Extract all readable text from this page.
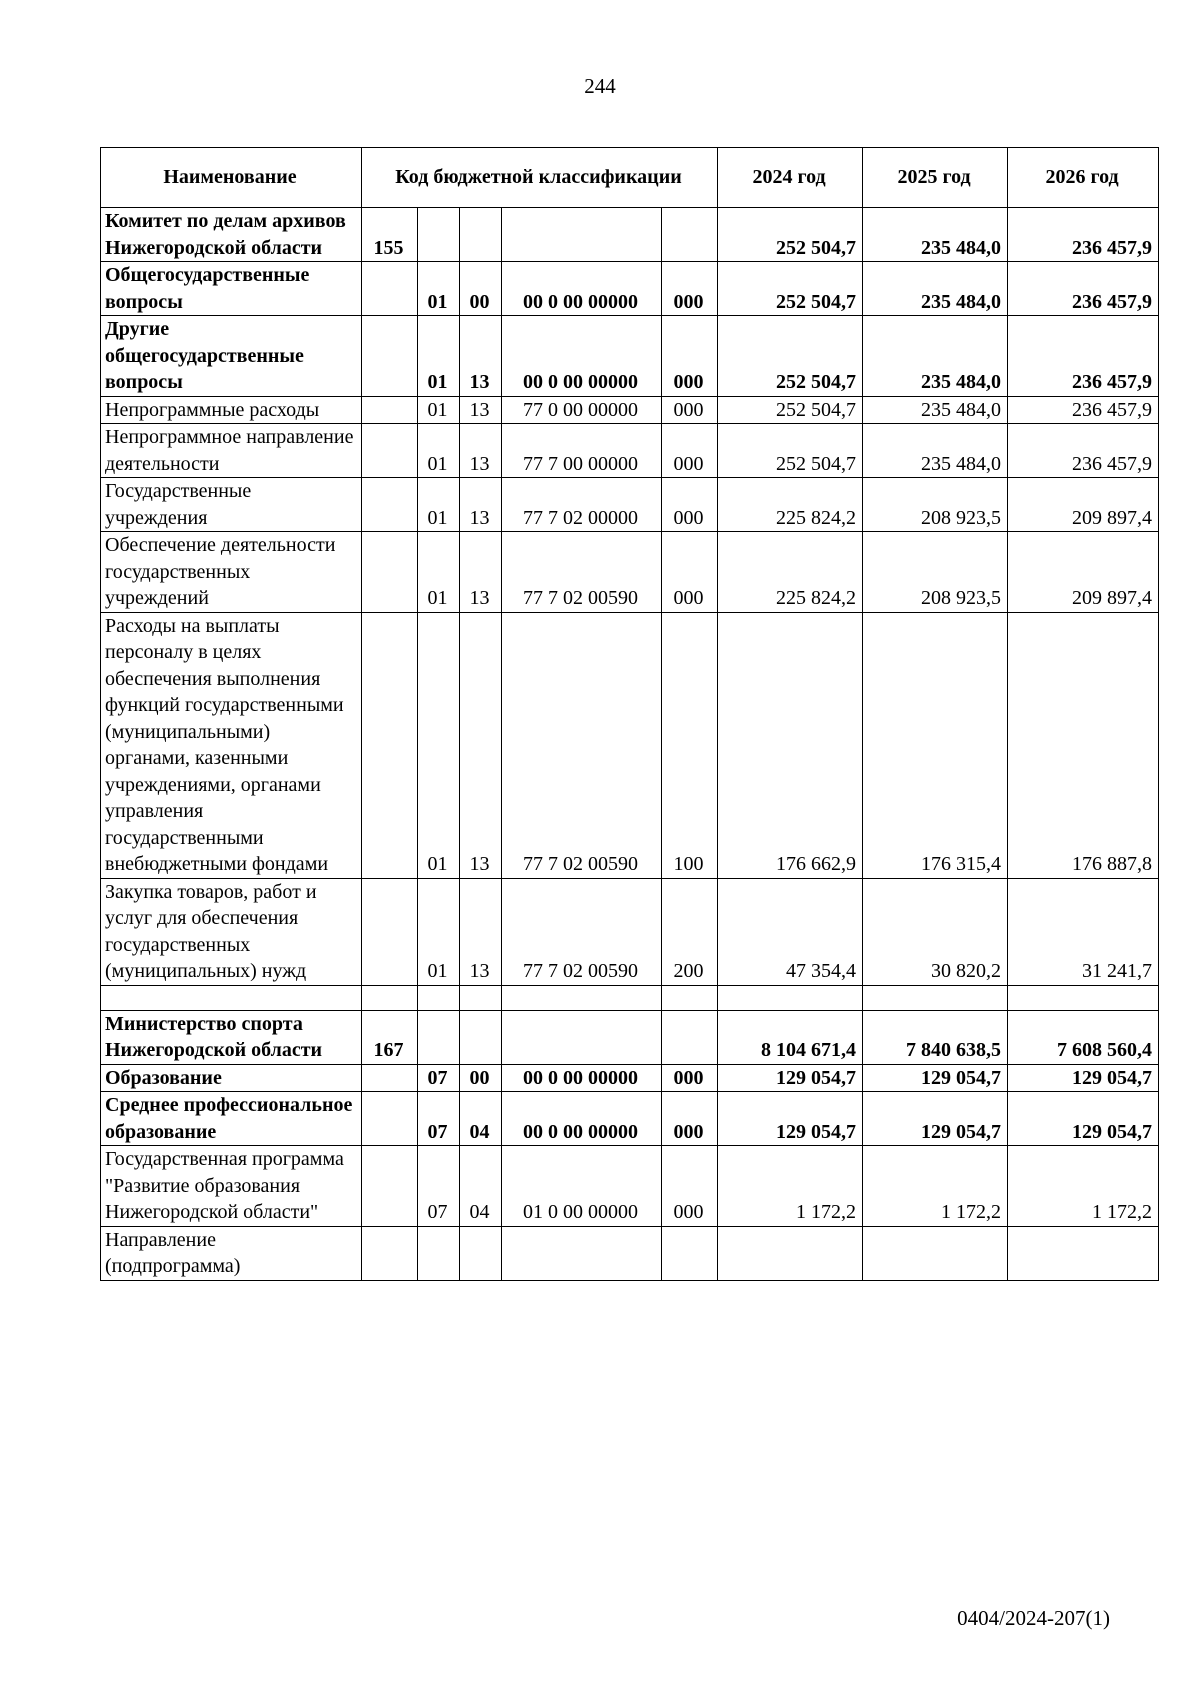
244
Наименование	Код бюджетной классификации					2024 год	2025 год	2026 год
Комитет по делам архивов Нижегородской области	155					252 504,7	235 484,0	236 457,9
Общегосударственные вопросы		01	00	00 0 00 00000	000	252 504,7	235 484,0	236 457,9
Другие общегосударственные вопросы		01	13	00 0 00 00000	000	252 504,7	235 484,0	236 457,9
Непрограммные расходы		01	13	77 0 00 00000	000	252 504,7	235 484,0	236 457,9
Непрограммное направление деятельности		01	13	77 7 00 00000	000	252 504,7	235 484,0	236 457,9
Государственные учреждения		01	13	77 7 02 00000	000	225 824,2	208 923,5	209 897,4
Обеспечение деятельности государственных учреждений		01	13	77 7 02 00590	000	225 824,2	208 923,5	209 897,4
Расходы на выплаты персоналу в целях обеспечения выполнения функций государственными (муниципальными) органами, казенными учреждениями, органами управления государственными внебюджетными фондами		01	13	77 7 02 00590	100	176 662,9	176 315,4	176 887,8
Закупка товаров, работ и услуг для обеспечения государственных (муниципальных) нужд		01	13	77 7 02 00590	200	47 354,4	30 820,2	31 241,7

Министерство спорта Нижегородской области	167					8 104 671,4	7 840 638,5	7 608 560,4
Образование		07	00	00 0 00 00000	000	129 054,7	129 054,7	129 054,7
Среднее профессиональное образование		07	04	00 0 00 00000	000	129 054,7	129 054,7	129 054,7
Государственная программа "Развитие образования Нижегородской области"		07	04	01 0 00 00000	000	1 172,2	1 172,2	1 172,2
Направление (подпрограмма)								
0404/2024-207(1)
